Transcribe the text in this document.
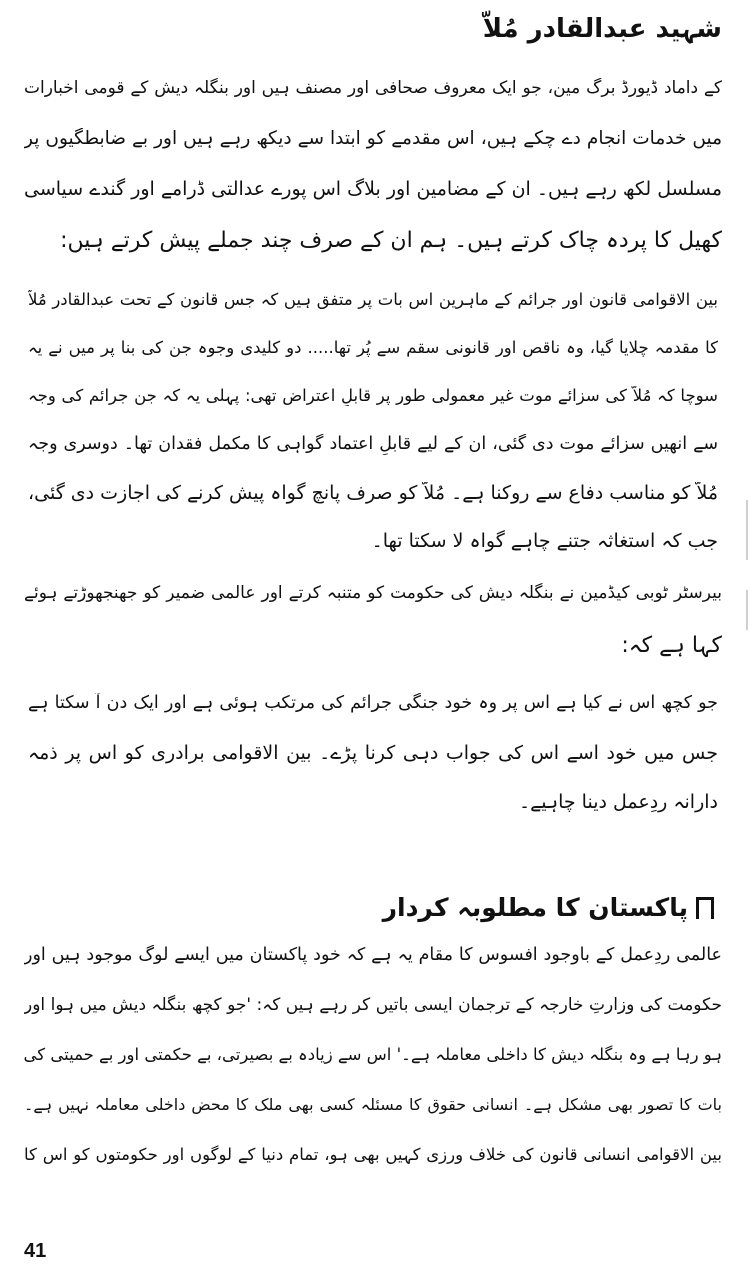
شہید عبدالقادر مُلاّ
کے داماد ڈیورڈ برگ مین، جو ایک معروف صحافی اور مصنف ہیں اور بنگلہ دیش کے قومی اخبارات
میں خدمات انجام دے چکے ہیں، اس مقدمے کو ابتدا سے دیکھ رہے ہیں اور بے ضابطگیوں پر
مسلسل لکھ رہے ہیں۔ ان کے مضامین اور بلاگ اس پورے عدالتی ڈرامے اور گندے سیاسی
کھیل کا پردہ چاک کرتے ہیں۔ ہم ان کے صرف چند جملے پیش کرتے ہیں:
بین الاقوامی قانون اور جرائم کے ماہرین اس بات پر متفق ہیں کہ جس قانون کے تحت عبدالقادر مُلاّ
کا مقدمہ چلایا گیا، وہ ناقص اور قانونی سقم سے پُر تھا..... دو کلیدی وجوہ جن کی بنا پر میں نے یہ
سوچا کہ مُلاّ کی سزائے موت غیر معمولی طور پر قابلِ اعتراض تھی: پہلی یہ کہ جن جرائم کی وجہ
سے انھیں سزائے موت دی گئی، ان کے لیے قابلِ اعتماد گواہی کا مکمل فقدان تھا۔ دوسری وجہ
مُلاّ کو مناسب دفاع سے روکنا ہے۔ مُلاّ کو صرف پانچ گواہ پیش کرنے کی اجازت دی گئی،
جب کہ استغاثہ جتنے چاہے گواہ لا سکتا تھا۔
بیرسٹر ٹوبی کیڈمین نے بنگلہ دیش کی حکومت کو متنبہ کرتے اور عالمی ضمیر کو جھنجھوڑتے ہوئے
کہا ہے کہ:
جو کچھ اس نے کیا ہے اس پر وہ خود جنگی جرائم کی مرتکب ہوئی ہے اور ایک دن آ سکتا ہے
جس میں خود اسے اس کی جواب دہی کرنا پڑے۔ بین الاقوامی برادری کو اس پر ذمہ
دارانہ ردِعمل دینا چاہیے۔
پاکستان کا مطلوبہ کردار
عالمی ردِعمل کے باوجود افسوس کا مقام یہ ہے کہ خود پاکستان میں ایسے لوگ موجود ہیں اور
حکومت کی وزارتِ خارجہ کے ترجمان ایسی باتیں کر رہے ہیں کہ: 'جو کچھ بنگلہ دیش میں ہوا اور
ہو رہا ہے وہ بنگلہ دیش کا داخلی معاملہ ہے۔' اس سے زیادہ بے بصیرتی، بے حکمتی اور بے حمیتی کی
بات کا تصور بھی مشکل ہے۔ انسانی حقوق کا مسئلہ کسی بھی ملک کا محض داخلی معاملہ نہیں ہے۔
بین الاقوامی انسانی قانون کی خلاف ورزی کہیں بھی ہو، تمام دنیا کے لوگوں اور حکومتوں کو اس کا
41
